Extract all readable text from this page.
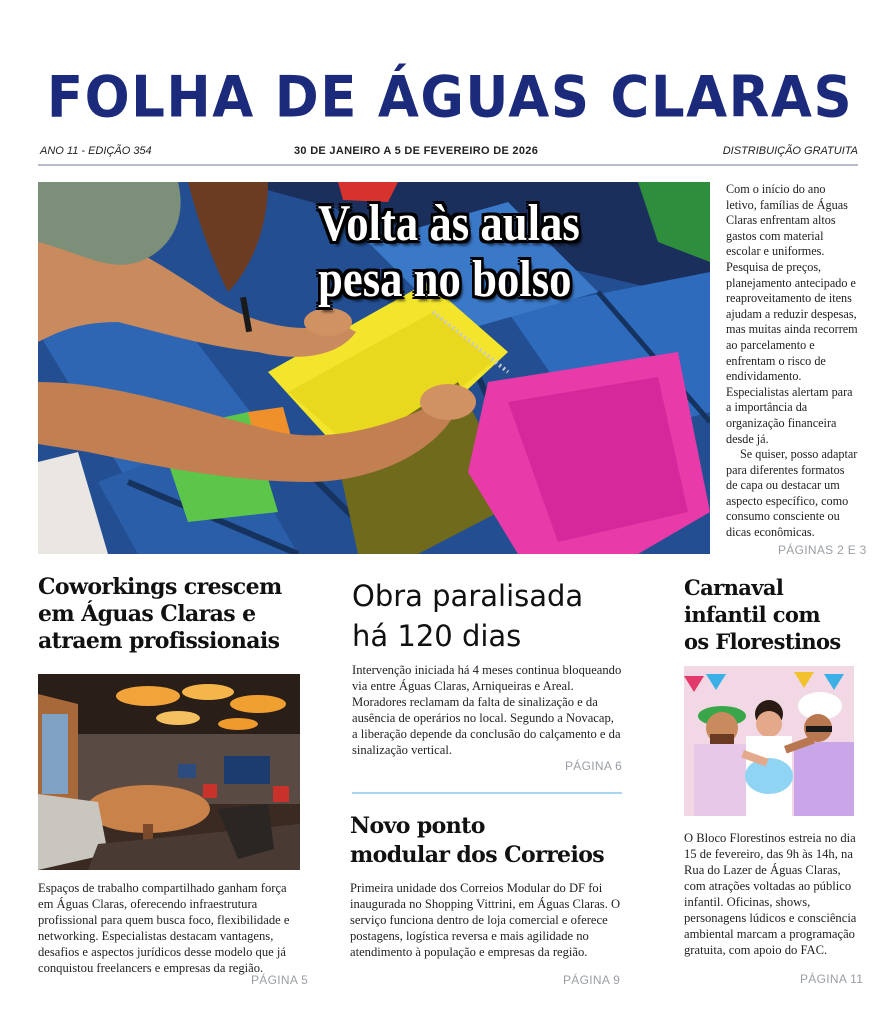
FOLHA DE ÁGUAS CLARAS
ANO 11 - EDIÇÃO 354	30 DE JANEIRO A 5 DE FEVEREIRO DE 2026	DISTRIBUIÇÃO GRATUITA
Volta às aulas
pesa no bolso

Com o início do ano letivo, famílias de Águas Claras enfrentam altos gastos com material escolar e uniformes. Pesquisa de preços, planejamento antecipado e reaproveitamento de itens ajudam a reduzir despesas, mas muitas ainda recorrem ao parcelamento e enfrentam o risco de endividamento. Especialistas alertam para a importância da organização financeira desde já.

Se quiser, posso adaptar para diferentes formatos de capa ou destacar um aspecto específico, como consumo consciente ou dicas econômicas.

PÁGINAS 2 E 3
Coworkings crescem em Águas Claras e atraem profissionais
Espaços de trabalho compartilhado ganham força em Águas Claras, oferecendo infraestrutura profissional para quem busca foco, flexibilidade e networking. Especialistas destacam vantagens, desafios e aspectos jurídicos desse modelo que já conquistou freelancers e empresas da região.
PÁGINA 5
Obra paralisada
há 120 dias
Intervenção iniciada há 4 meses continua bloqueando via entre Águas Claras, Arniqueiras e Areal. Moradores reclamam da falta de sinalização e da ausência de operários no local. Segundo a Novacap, a liberação depende da conclusão do calçamento e da sinalização vertical.
PÁGINA 6
Novo ponto
modular dos Correios
Primeira unidade dos Correios Modular do DF foi inaugurada no Shopping Vittrini, em Águas Claras. O serviço funciona dentro de loja comercial e oferece postagens, logística reversa e mais agilidade no atendimento à população e empresas da região.
PÁGINA 9
Carnaval
infantil com
os Florestinos
O Bloco Florestinos estreia no dia 15 de fevereiro, das 9h às 14h, na Rua do Lazer de Águas Claras, com atrações voltadas ao público infantil. Oficinas, shows, personagens lúdicos e consciência ambiental marcam a programação gratuita, com apoio do FAC.
PÁGINA 11
